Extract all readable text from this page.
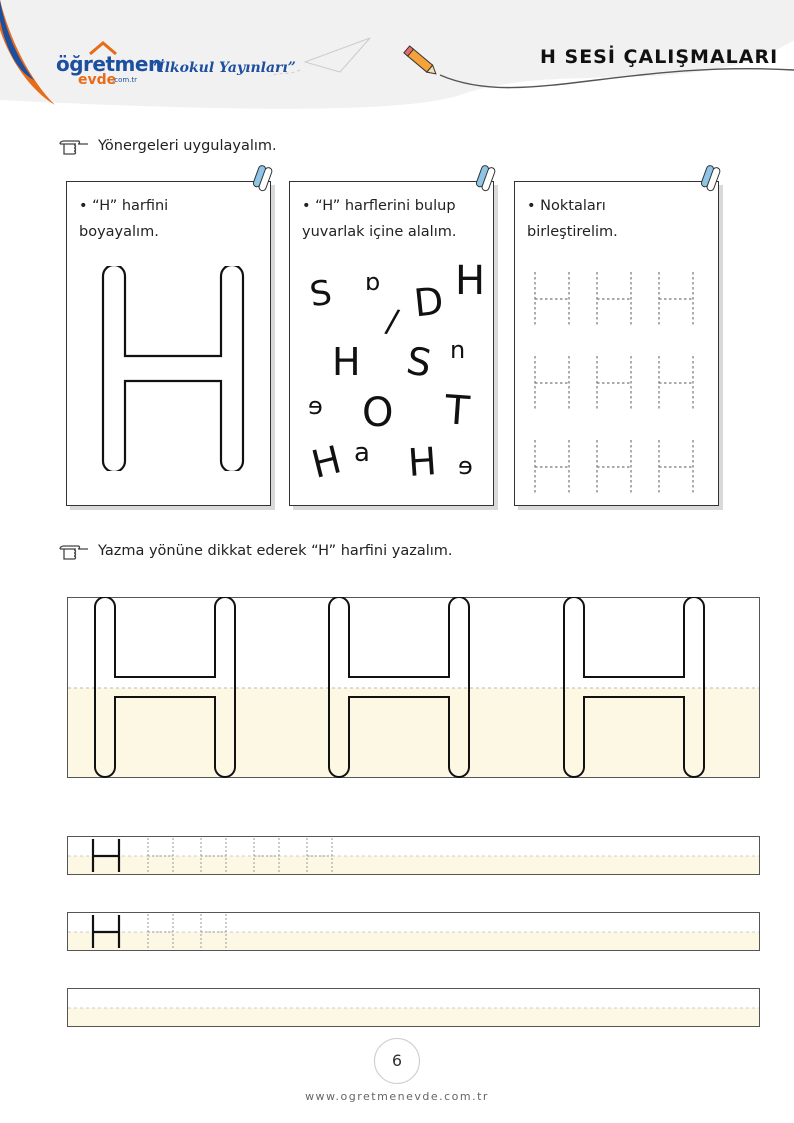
öğretmen
evde
.com.tr
“İlkokul Yayınları”	H SESİ ÇALIŞMALARI
Yönergeleri uygulayalım.
• “H” harfini
boyayalım.
• “H” harflerini bulup
yuvarlak içine alalım.
S ɒ D H
/
H S n
ɘ O T
H a H ɘ
• Noktaları
birleştirelim.
Yazma yönüne dikkat ederek “H” harfini yazalım.
6
www.ogretmenevde.com.tr
